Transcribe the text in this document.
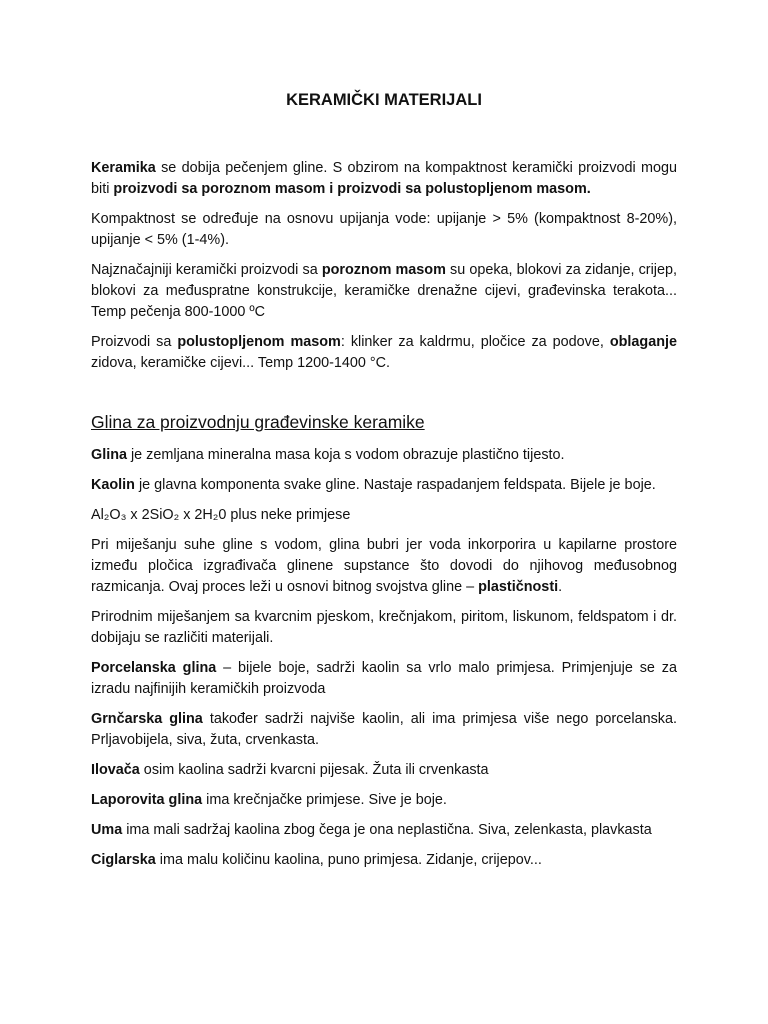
KERAMIČKI MATERIJALI

Keramika se dobija pečenjem gline. S obzirom na kompaktnost keramički proizvodi mogu biti proizvodi sa poroznom masom i proizvodi sa polustopljenom masom.

Kompaktnost se određuje na osnovu upijanja vode: upijanje > 5% (kompaktnost 8-20%), upijanje < 5% (1-4%).

Najznačajniji keramički proizvodi sa poroznom masom su opeka, blokovi za zidanje, crijep, blokovi za međuspratne konstrukcije, keramičke drenažne cijevi, građevinska terakota... Temp pečenja 800-1000 ºC

Proizvodi sa polustopljenom masom: klinker za kaldrmu, pločice za podove, oblaganje zidova, keramičke cijevi... Temp 1200-1400 °C.

Glina za proizvodnju građevinske keramike

Glina je zemljana mineralna masa koja s vodom obrazuje plastično tijesto.

Kaolin je glavna komponenta svake gline. Nastaje raspadanjem feldspata. Bijele je boje.

Al₂O₃ x 2SiO₂ x 2H₂0 plus neke primjese

Pri miješanju suhe gline s vodom, glina bubri jer voda inkorporira u kapilarne prostore između pločica izgrađivača glinene supstance što dovodi do njihovog međusobnog razmicanja. Ovaj proces leži u osnovi bitnog svojstva gline – plastičnosti.

Prirodnim miješanjem sa kvarcnim pjeskom, krečnjakom, piritom, liskunom, feldspatom i dr. dobijaju se različiti materijali.

Porcelanska glina – bijele boje, sadrži kaolin sa vrlo malo primjesa. Primjenjuje se za izradu najfinijih keramičkih proizvoda

Grnčarska glina također sadrži najviše kaolin, ali ima primjesa više nego porcelanska. Prljavobijela, siva, žuta, crvenkasta.

Ilovača osim kaolina sadrži kvarcni pijesak. Žuta ili crvenkasta

Laporovita glina ima krečnjačke primjese. Sive je boje.

Uma ima mali sadržaj kaolina zbog čega je ona neplastična. Siva, zelenkasta, plavkasta

Ciglarska ima malu količinu kaolina, puno primjesa. Zidanje, crijepov...
